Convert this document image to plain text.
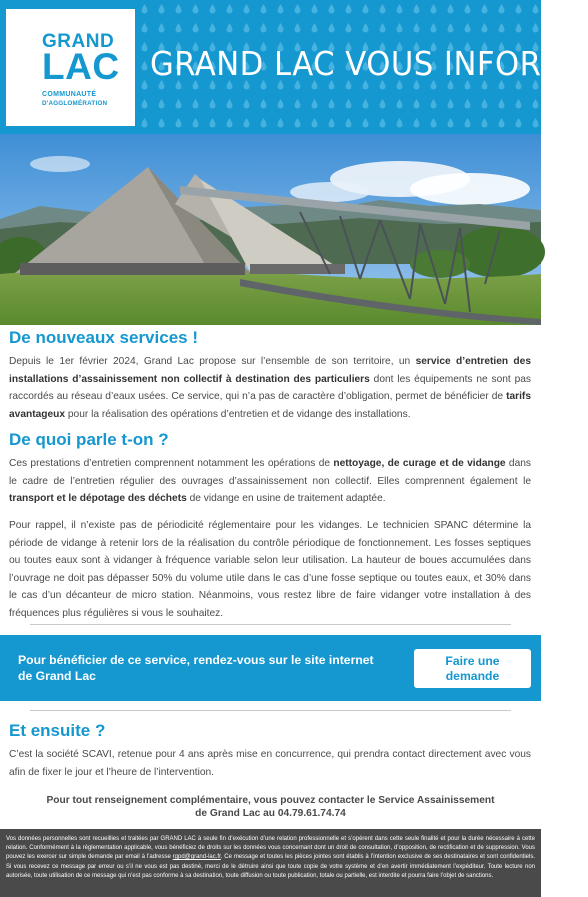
GRAND
LAC
COMMUNAUTÉ
D'AGGLOMÉRATION
GRAND LAC VOUS INFORME
De nouveaux services !

Depuis le 1er février 2024, Grand Lac propose sur l’ensemble de son territoire, un service d’entretien des installations d’assainissement non collectif à destination des particuliers dont les équipements ne sont pas raccordés au réseau d’eaux usées. Ce service, qui n’a pas de caractère d’obligation, permet de bénéficier de tarifs avantageux pour la réalisation des opérations d’entretien et de vidange des installations.

De quoi parle t-on ?

Ces prestations d’entretien comprennent notamment les opérations de nettoyage, de curage et de vidange dans le cadre de l’entretien régulier des ouvrages d’assainissement non collectif. Elles comprennent également le transport et le dépotage des déchets de vidange en usine de traitement adaptée.

Pour rappel, il n’existe pas de périodicité réglementaire pour les vidanges. Le technicien SPANC détermine la période de vidange à retenir lors de la réalisation du contrôle périodique de fonctionnement. Les fosses septiques ou toutes eaux sont à vidanger à fréquence variable selon leur utilisation. La hauteur de boues accumulées dans l’ouvrage ne doit pas dépasser 50% du volume utile dans le cas d’une fosse septique ou toutes eaux, et 30% dans le cas d’un décanteur de micro station. Néanmoins, vous restez libre de faire vidanger votre installation à des fréquences plus régulières si vous le souhaitez.

Pour bénéficier de ce service, rendez-vous sur le site internet de Grand Lac
Faire une
demande
Et ensuite ?

C’est la société SCAVI, retenue pour 4 ans après mise en concurrence, qui prendra contact directement avec vous afin de fixer le jour et l’heure de l’intervention.

Pour tout renseignement complémentaire, vous pouvez contacter le Service Assainissement
de Grand Lac au 04.79.61.74.74

Vos données personnelles sont recueillies et traitées par GRAND LAC à seule fin d’exécution d’une relation professionnelle et s’opèrent dans cette seule finalité et pour la durée nécessaire à cette relation. Conformément à la réglementation applicable, vous bénéficiez de droits sur les données vous concernant dont un droit de consultation, d’opposition, de rectification et de suppression. Vous pouvez les exercer sur simple demande par email à l’adresse rgpd@grand-lac.fr. Ce message et toutes les pièces jointes sont établis à l’intention exclusive de ses destinataires et sont confidentiels. Si vous recevez ce message par erreur ou s’il ne vous est pas destiné, merci de le détruire ainsi que toute copie de votre système et d’en avertir immédiatement l’expéditeur. Toute lecture non autorisée, toute utilisation de ce message qui n’est pas conforme à sa destination, toute diffusion ou toute publication, totale ou partielle, est interdite et pourra faire l’objet de sanctions.
